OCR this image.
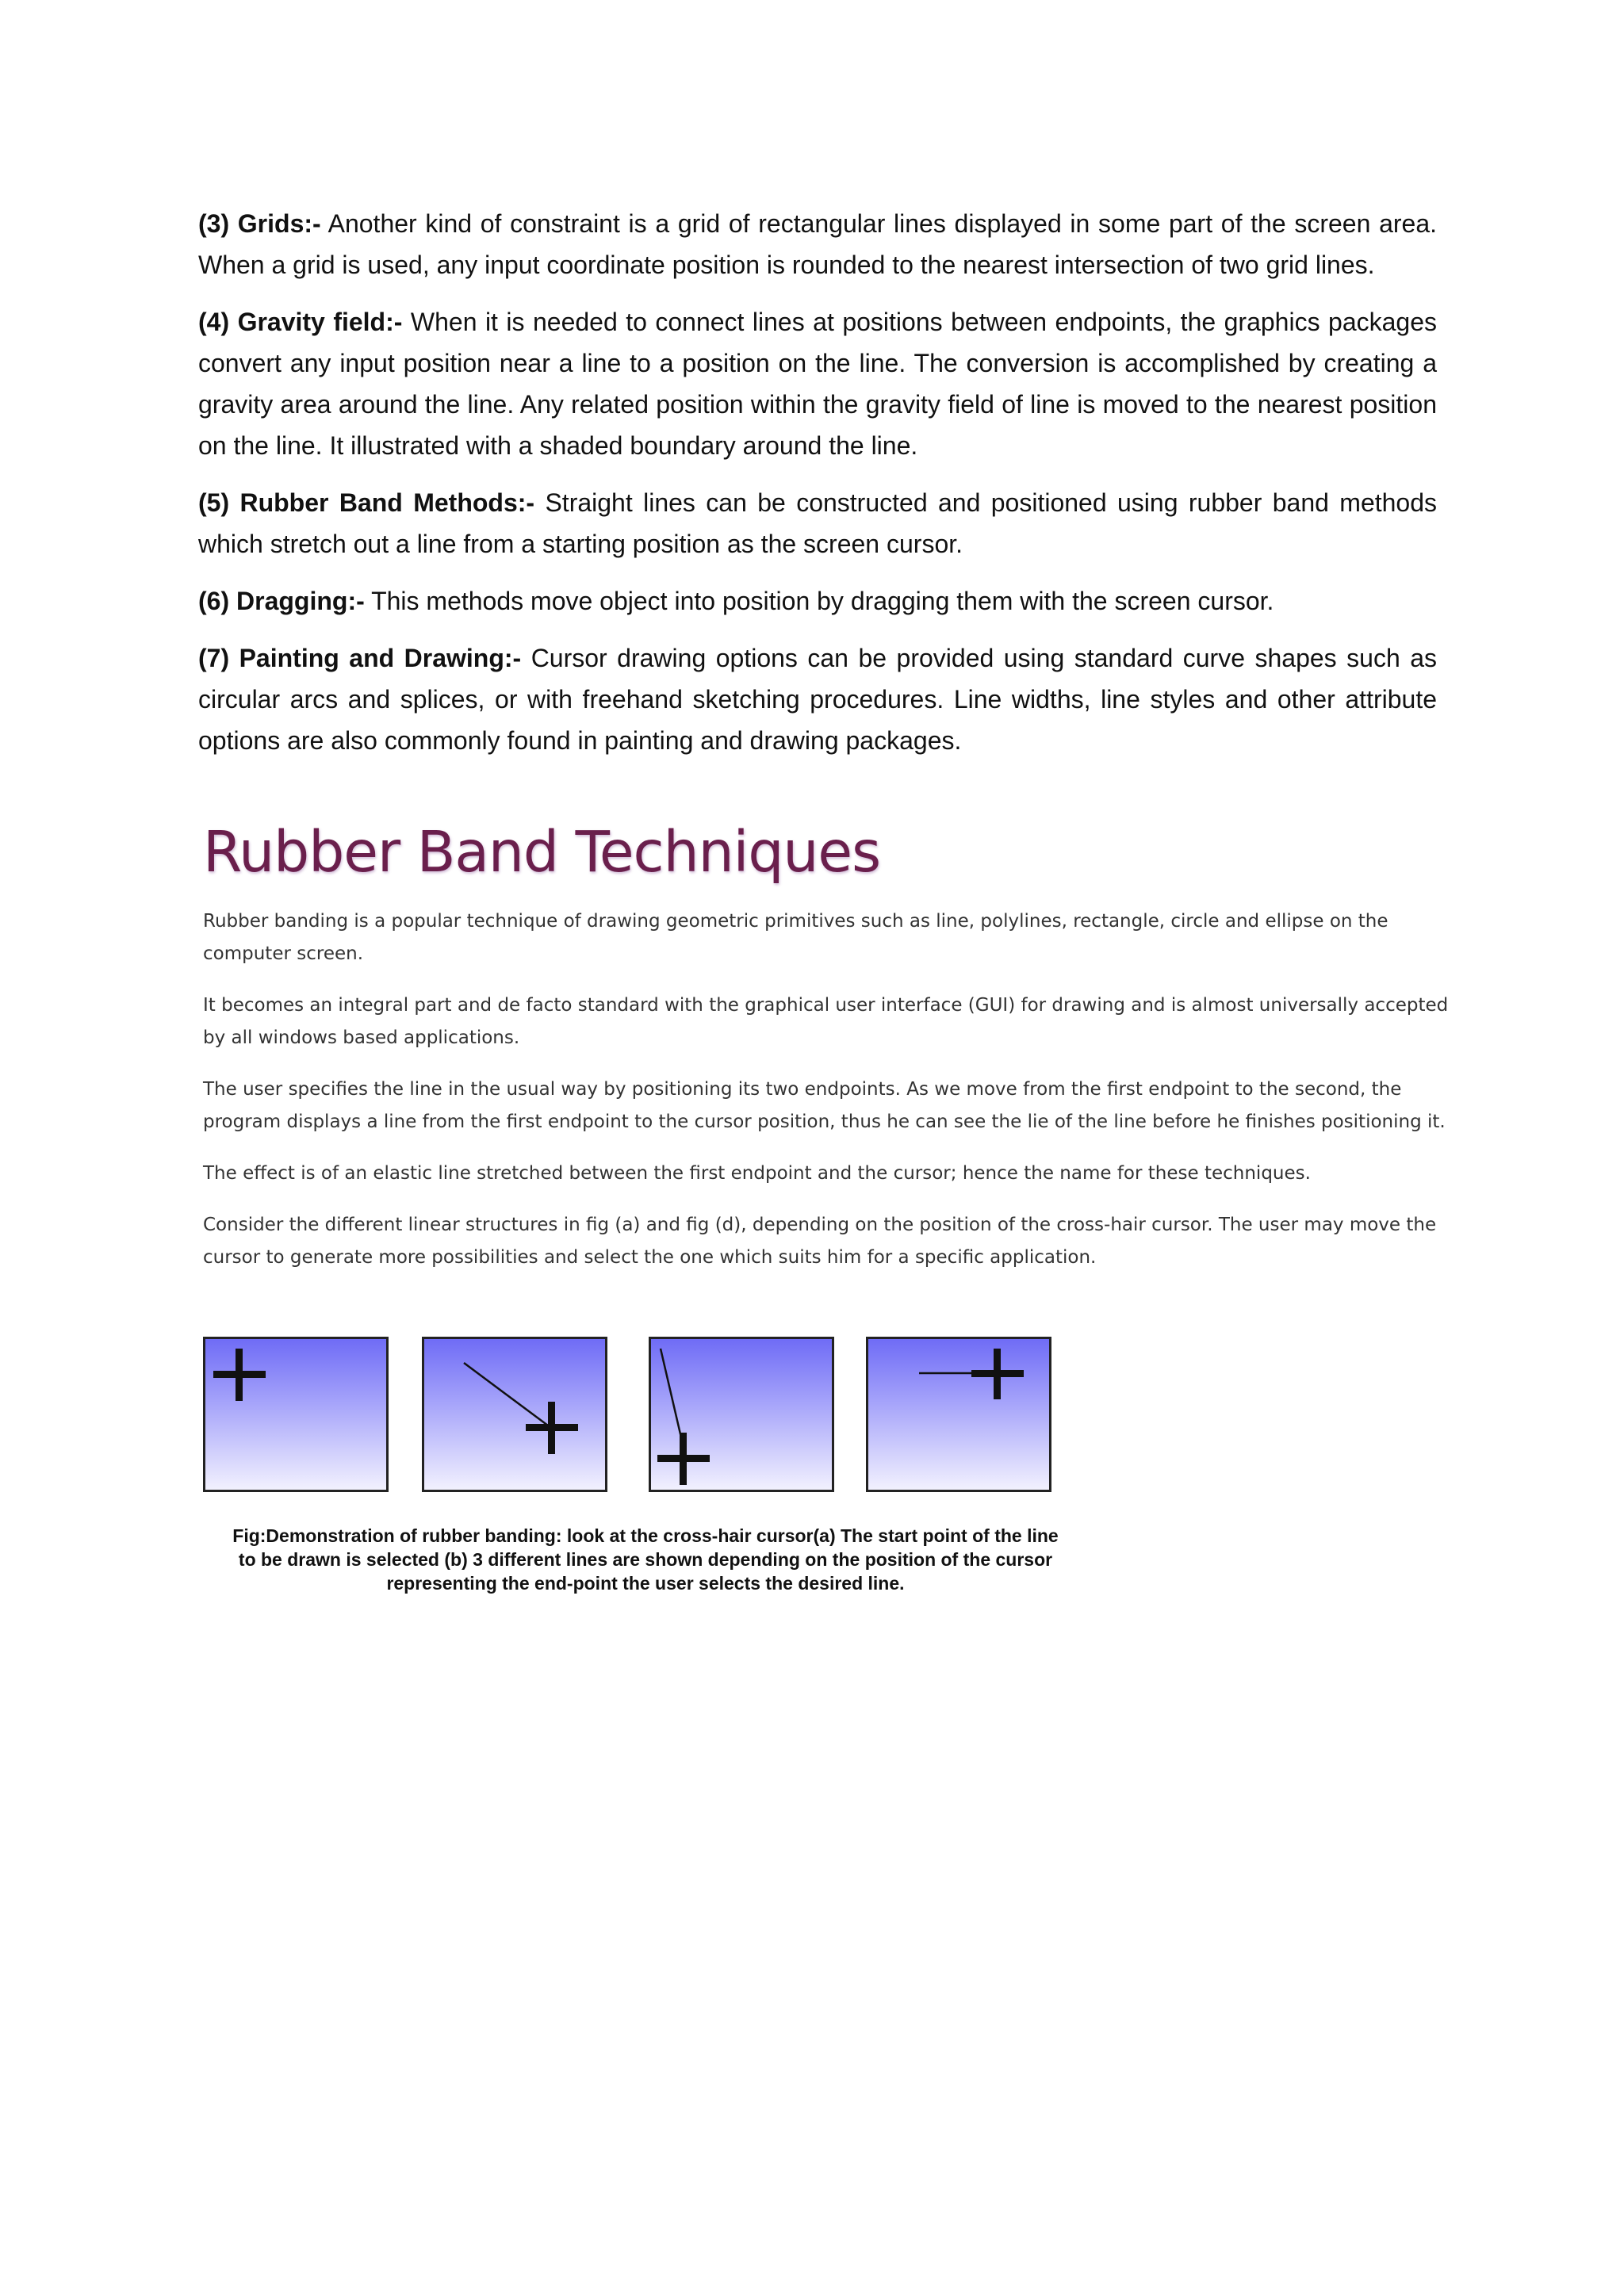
(3) Grids:- Another kind of constraint is a grid of rectangular lines displayed in some part of the screen area. When a grid is used, any input coordinate position is rounded to the nearest intersection of two grid lines.

(4) Gravity field:- When it is needed to connect lines at positions between endpoints, the graphics packages convert any input position near a line to a position on the line. The conversion is accomplished by creating a gravity area around the line. Any related position within the gravity field of line is moved to the nearest position on the line. It illustrated with a shaded boundary around the line.

(5) Rubber Band Methods:- Straight lines can be constructed and positioned using rubber band methods which stretch out a line from a starting position as the screen cursor.

(6) Dragging:- This methods move object into position by dragging them with the screen cursor.

(7) Painting and Drawing:- Cursor drawing options can be provided using standard curve shapes such as circular arcs and splices, or with freehand sketching procedures. Line widths, line styles and other attribute options are also commonly found in painting and drawing packages.

Rubber Band Techniques

Rubber banding is a popular technique of drawing geometric primitives such as line, polylines, rectangle, circle and ellipse on the computer screen.

It becomes an integral part and de facto standard with the graphical user interface (GUI) for drawing and is almost universally accepted by all windows based applications.

The user specifies the line in the usual way by positioning its two endpoints. As we move from the first endpoint to the second, the program displays a line from the first endpoint to the cursor position, thus he can see the lie of the line before he finishes positioning it.

The effect is of an elastic line stretched between the first endpoint and the cursor; hence the name for these techniques.

Consider the different linear structures in fig (a) and fig (d), depending on the position of the cross-hair cursor. The user may move the cursor to generate more possibilities and select the one which suits him for a specific application.

Fig:Demonstration of rubber banding: look at the cross-hair cursor(a) The start point of the line
to be drawn is selected (b) 3 different lines are shown depending on the position of the cursor
representing the end-point the user selects the desired line.
